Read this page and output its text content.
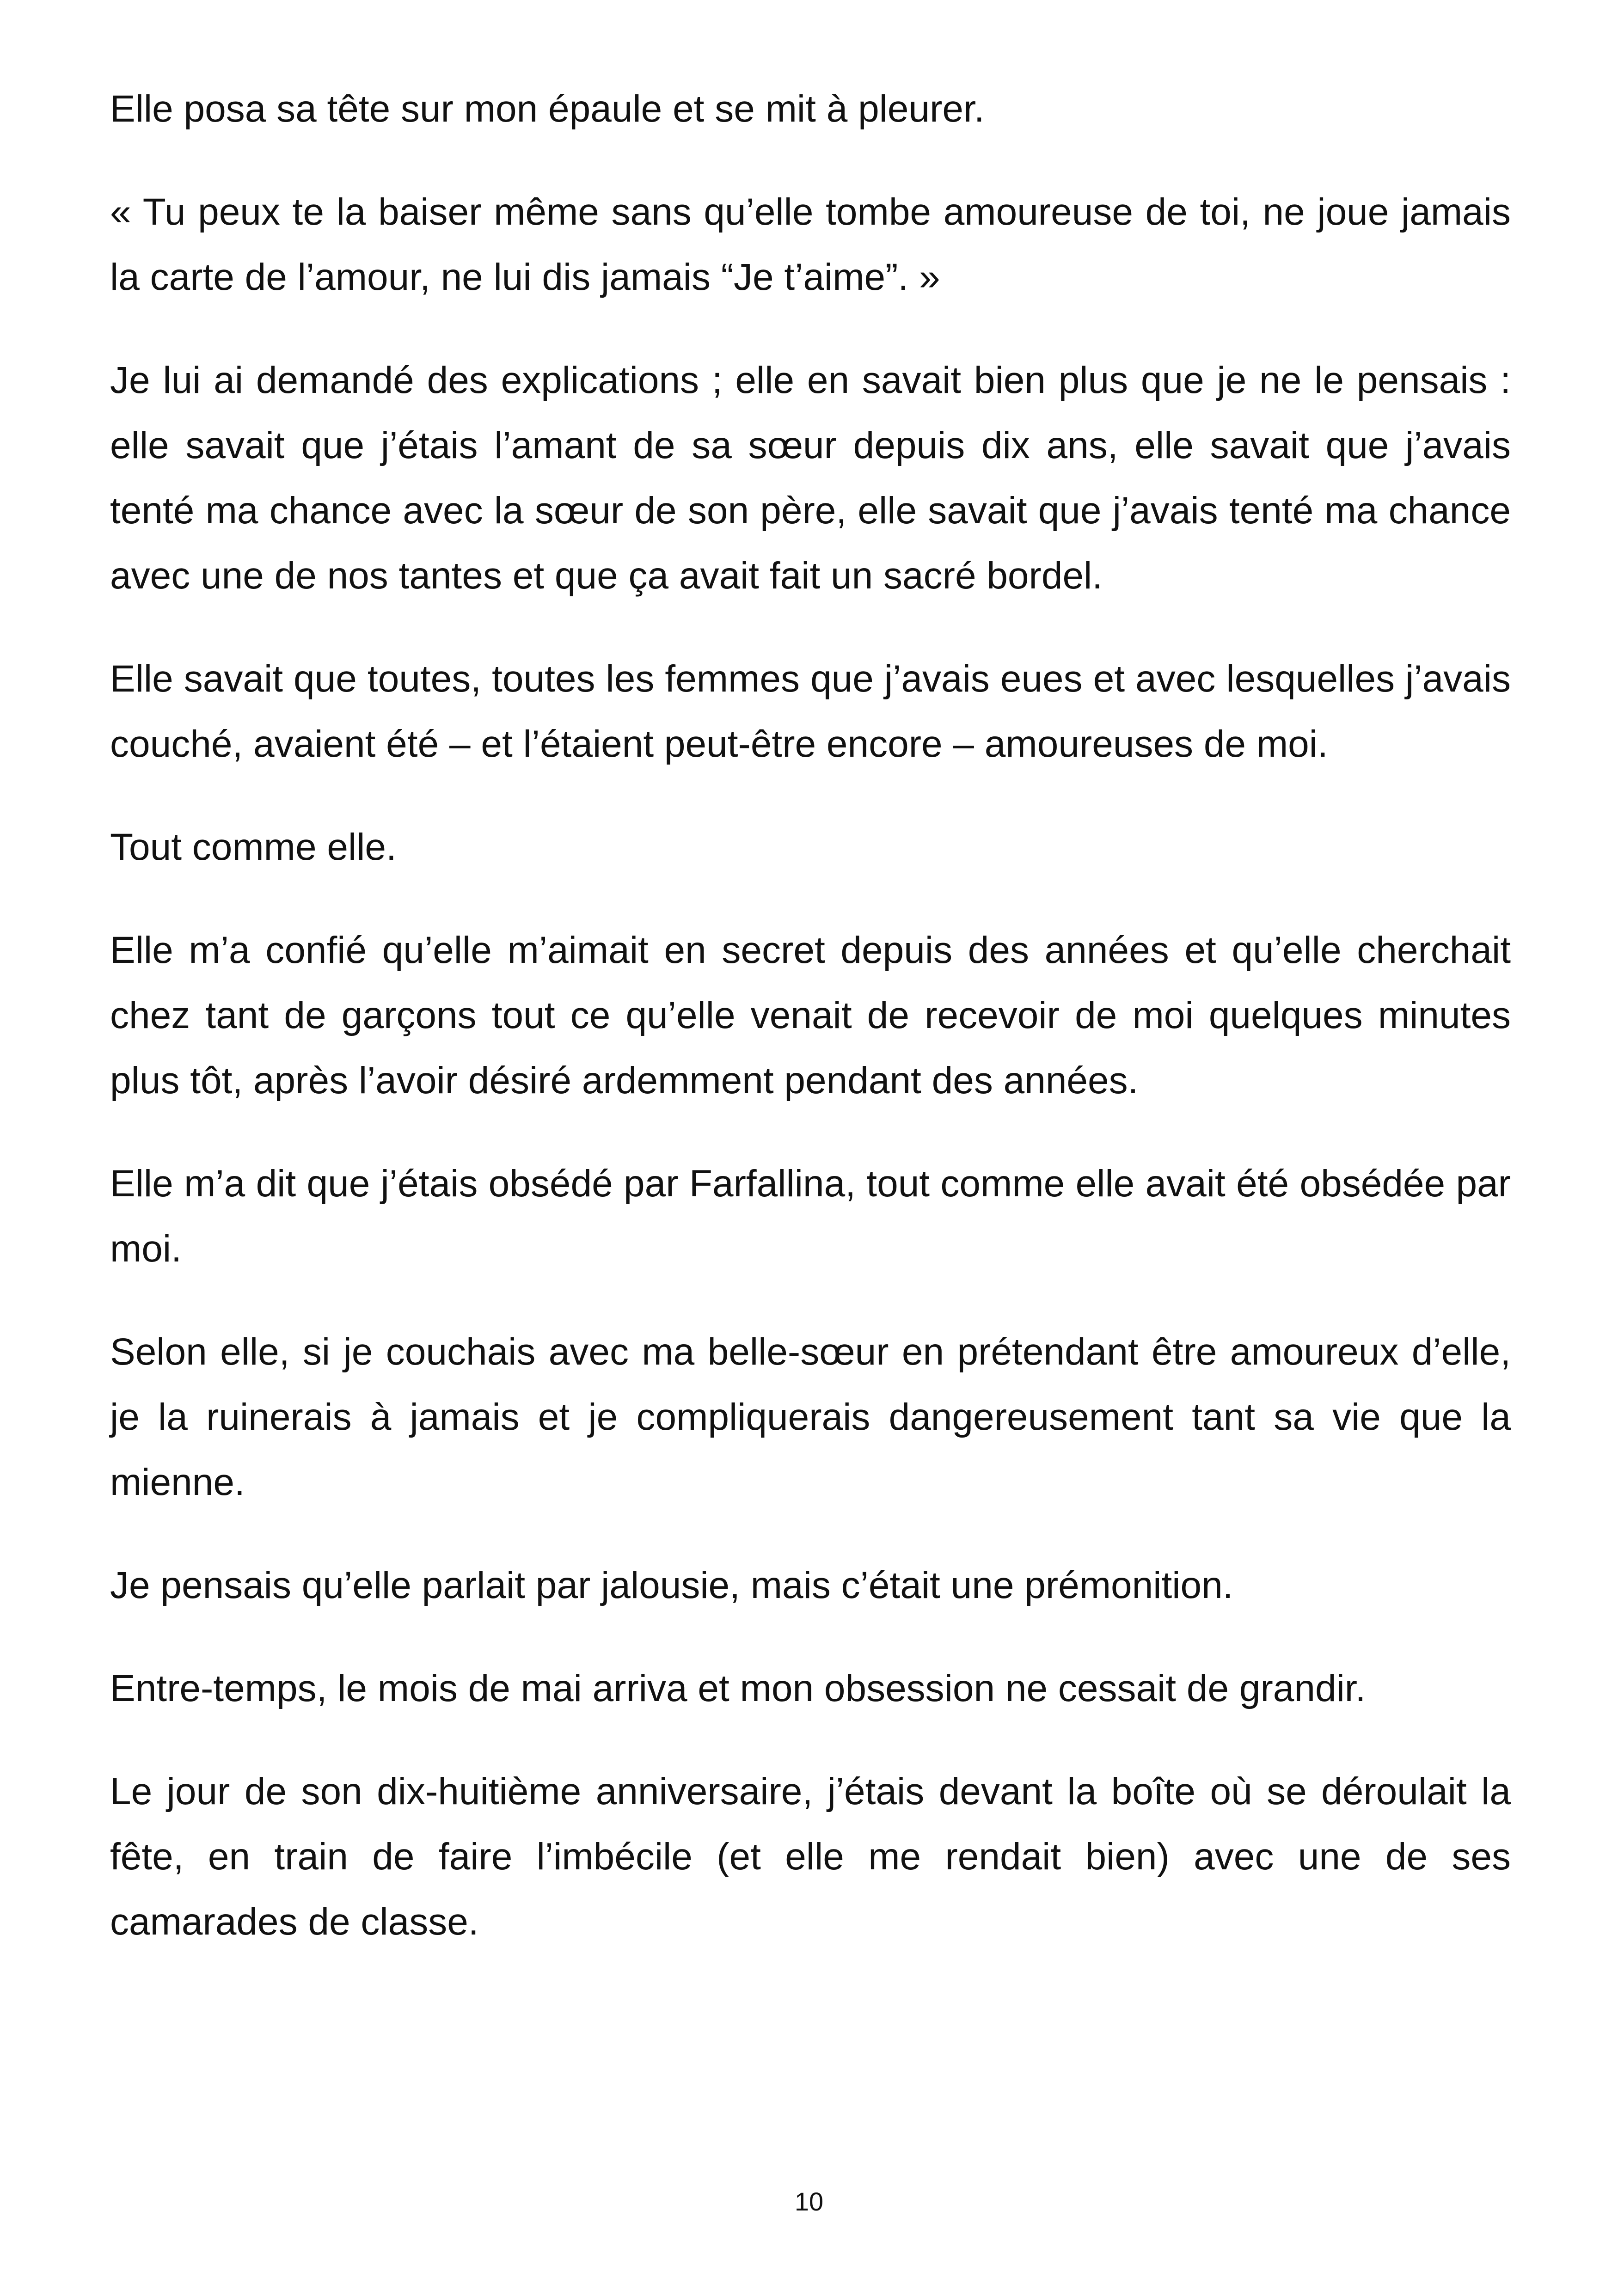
Elle posa sa tête sur mon épaule et se mit à pleurer.

« Tu peux te la baiser même sans qu’elle tombe amoureuse de toi, ne joue jamais la carte de l’amour, ne lui dis jamais “Je t’aime”. »

Je lui ai demandé des explications ; elle en savait bien plus que je ne le pensais : elle savait que j’étais l’amant de sa sœur depuis dix ans, elle savait que j’avais tenté ma chance avec la sœur de son père, elle savait que j’avais tenté ma chance avec une de nos tantes et que ça avait fait un sacré bordel.

Elle savait que toutes, toutes les femmes que j’avais eues et avec lesquelles j’avais couché, avaient été – et l’étaient peut-être encore – amoureuses de moi.

Tout comme elle.

Elle m’a confié qu’elle m’aimait en secret depuis des années et qu’elle cherchait chez tant de garçons tout ce qu’elle venait de recevoir de moi quelques minutes plus tôt, après l’avoir désiré ardemment pendant des années.

Elle m’a dit que j’étais obsédé par Farfallina, tout comme elle avait été obsédée par moi.

Selon elle, si je couchais avec ma belle-sœur en prétendant être amoureux d’elle, je la ruinerais à jamais et je compliquerais dangereusement tant sa vie que la mienne.

Je pensais qu’elle parlait par jalousie, mais c’était une prémonition.

Entre-temps, le mois de mai arriva et mon obsession ne cessait de grandir.

Le jour de son dix-huitième anniversaire, j’étais devant la boîte où se déroulait la fête, en train de faire l’imbécile (et elle me rendait bien) avec une de ses camarades de classe.

10
